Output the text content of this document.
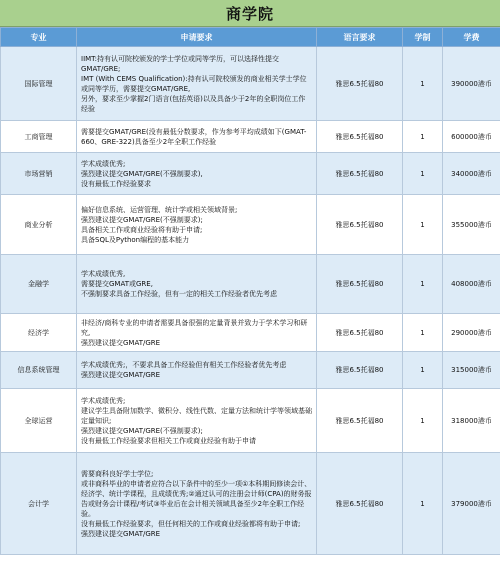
商学院
专业	申请要求	语言要求	学制	学费
国际管理	IIMT:持有认可院校颁发的学士学位或同等学历，可以选择性提交GMAT/GRE;
IMT (With CEMS Qualification):持有认可院校颁发的商业相关学士学位或同等学历，需要提交GMAT/GRE,
另外，要求至少掌握2门语言(包括英语)以及具备少于2年的全职岗位工作经验	雅思6.5托福80	1	390000港币
工商管理	需要提交GMAT/GRE(没有最低分数要求，作为参考平均成绩如下(GMAT-660、GRE-322)具备至少2年全职工作经验	雅思6.5托福80	1	600000港币
市场营销	学术成绩优秀;
强烈建议提交GMAT/GRE(不强制要求),
没有最低工作经验要求	雅思6.5托福80	1	340000港币
商业分析	偏好信息系统、运营管理、统计学或相关领域背景;
强烈建议提交GMAT/GRE(不强制要求);
具备相关工作或商业经验将有助于申请;
具备SQL及Python编程的基本能力	雅思6.5托福80	1	355000港币
金融学	学术成绩优秀,
需要提交GMAT或GRE,
不强制要求具备工作经验，但有一定的相关工作经验者优先考虑	雅思6.5托福80	1	408000港币
经济学	非经济/商科专业的申请者需要具备很强的定量背景并致力于学术学习和研究,
强烈建议提交GMAT/GRE	雅思6.5托福80	1	290000港币
信息系统管理	学术成绩优秀;，不要求具备工作经验但有相关工作经验者优先考虑
强烈建议提交GMAT/GRE	雅思6.5托福80	1	315000港币
全球运营	学术成绩优秀;
建议学生具备附加数学、微积分、线性代数、定量方法和统计学等领域基础定量知识;
强烈建议提交GMAT/GRE(不强制要求);
没有最低工作经验要求但相关工作或商业经验有助于申请	雅思6.5托福80	1	318000港币
会计学	需要商科良好学士学位;
或非商科毕业的申请者应符合以下条件中的至少一项①本科期间修读会计、经济学、统计学课程，且成绩优秀;②通过认可的注册会计师(CPA)的财务报告或财务会计课程/考试③毕业后在会计相关领域具备至少2年全职工作经验。
没有最低工作经验要求，但任何相关的工作或商业经验都将有助于申请;
强烈建议提交GMAT/GRE	雅思6.5托福80	1	379000港币
